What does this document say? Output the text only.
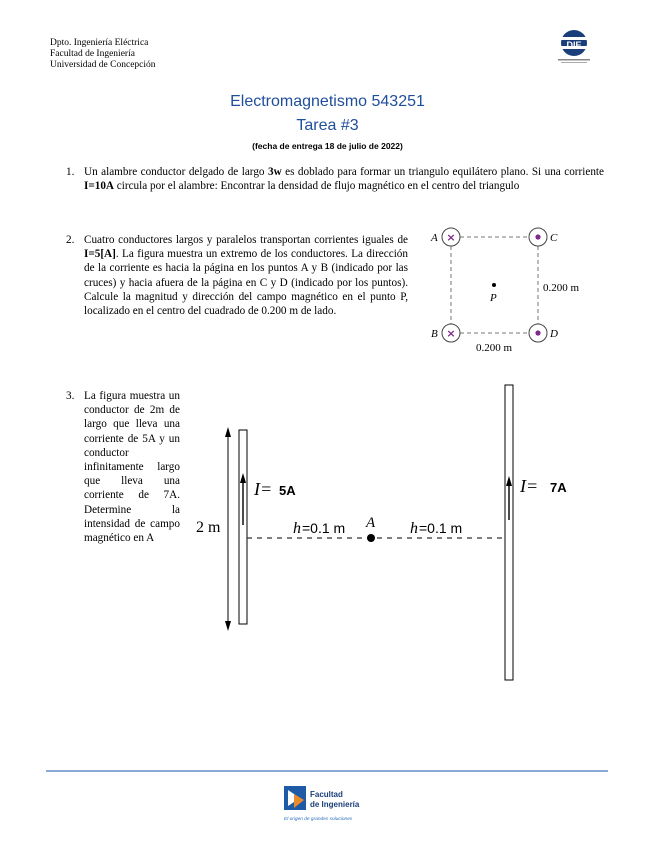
Dpto. Ingeniería Eléctrica
Facultad de Ingeniería
Universidad de Concepción
DIE
Electromagnetismo 543251
Tarea #3
(fecha de entrega 18 de julio de 2022)
1. Un alambre conductor delgado de largo 3w es doblado para formar un triangulo equilátero plano. Si una corriente I=10A circula por el alambre: Encontrar la densidad de flujo magnético en el centro del triangulo
2. Cuatro conductores largos y paralelos transportan corrientes iguales de I=5[A]. La figura muestra un extremo de los conductores. La dirección de la corriente es hacia la página en los puntos A y B (indicado por las cruces) y hacia afuera de la página en C y D (indicado por los puntos). Calcule la magnitud y dirección del campo magnético en el punto P, localizado en el centro del cuadrado de 0.200 m de lado.
×
×
A
B
C
D
P
0.200 m
0.200 m
3. La figura muestra un conductor de 2m de largo que lleva una corriente de 5A y un conductor infinitamente largo que lleva una corriente de 7A. Determine la intensidad de campo magnético en A
2 m
I= 5A	I= 7A
h =0.1 m A h =0.1 m
Facultad
de Ingeniería
El origen de grandes soluciones
